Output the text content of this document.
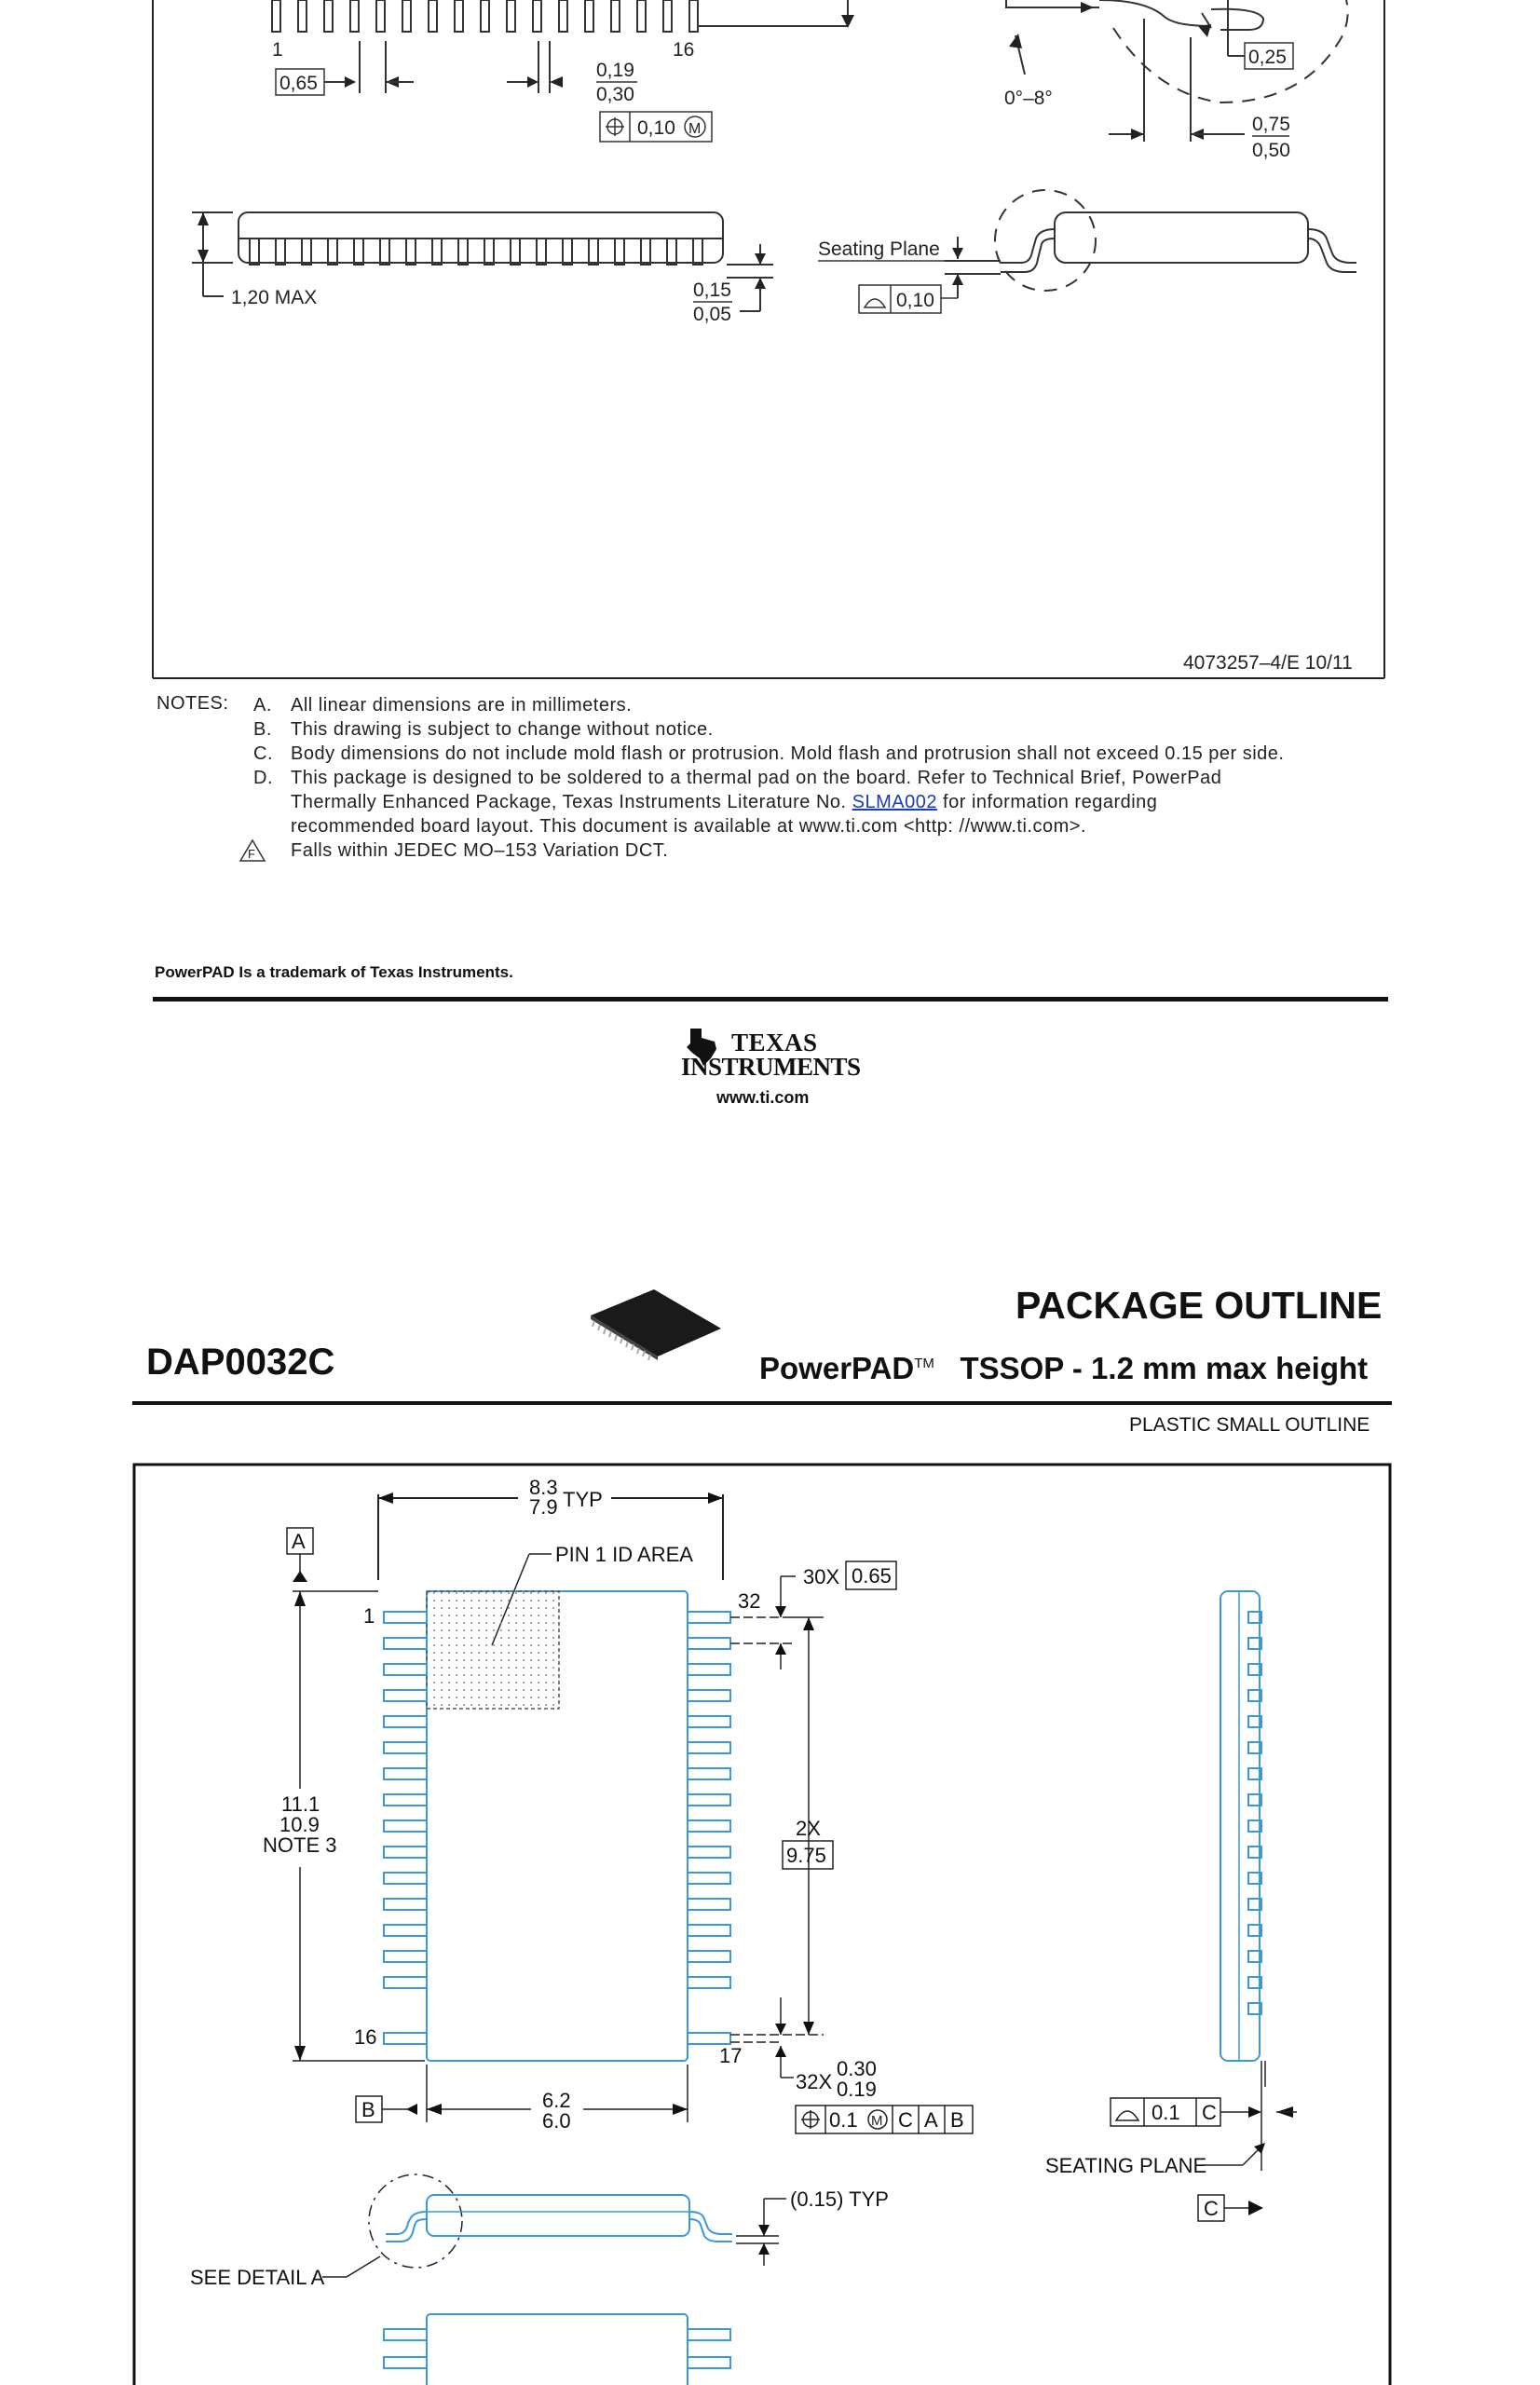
1	16
0,65
0,19
0,30
0,10 M
0,25
0°–8°
0,75
0,50
1,20 MAX	0,15
0,05
Seating Plane
0,10
4073257–4/E 10/11
NOTES: A.	All linear dimensions are in millimeters.
B.	This drawing is subject to change without notice.
C. Body dimensions do not include mold flash or protrusion. Mold flash and protrusion shall not exceed 0.15 per side.
D. This package is designed to be soldered to a thermal pad on the board. Refer to Technical Brief, PowerPad
Thermally Enhanced Package, Texas Instruments Literature No. SLMA002 for information regarding
recommended board layout. This document is available at www.ti.com <http: //www.ti.com>.
F Falls within JEDEC MO–153 Variation DCT.
PowerPAD Is a trademark of Texas Instruments.
TEXAS
INSTRUMENTS
www.ti.com
PACKAGE OUTLINE
DAP0032C	PowerPAD™ TSSOP - 1.2 mm max height
PLASTIC SMALL OUTLINE
8.3
7.9 TYP
A
PIN 1 ID AREA
1
32
16
17
30X 0.65
2X
9.75
32X
0.30
0.19
0.1 M C A B
11.1
10.9
NOTE 3
B	6.2
6.0	0.1 C
SEATING PLANE
C
(0.15) TYP
SEE DETAIL A
